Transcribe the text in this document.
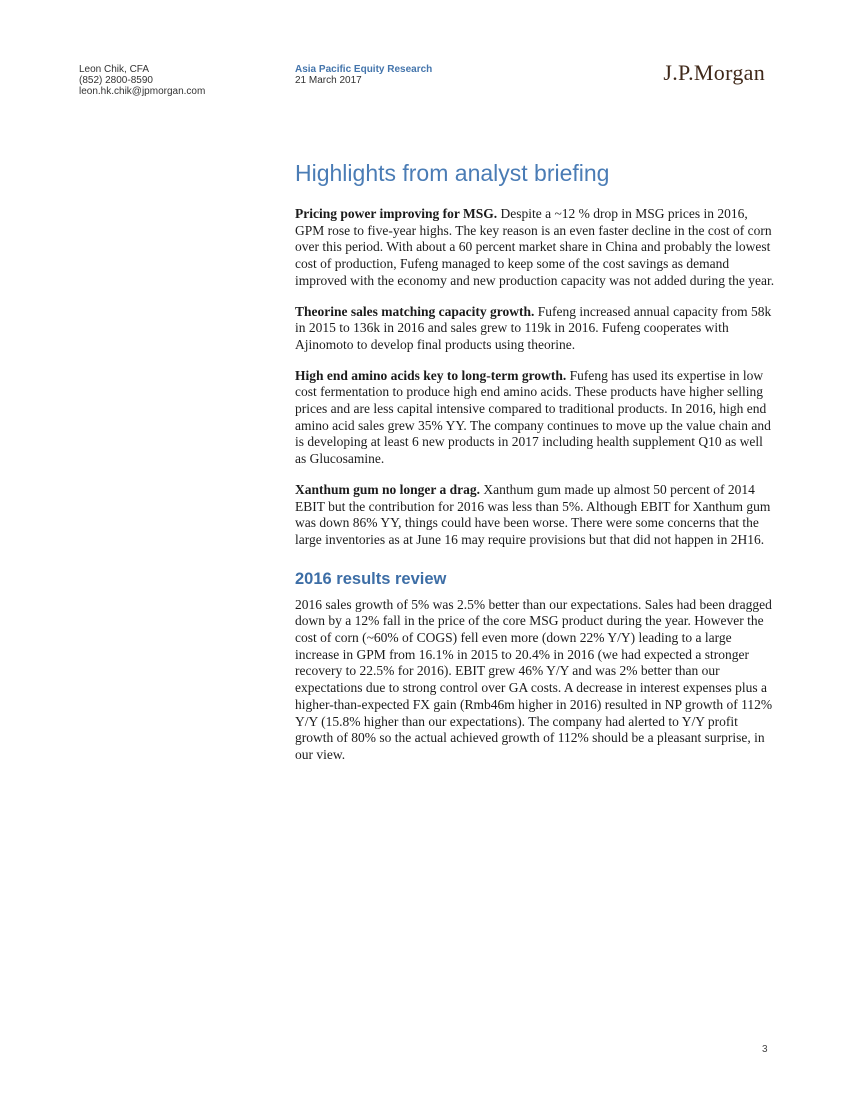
Leon Chik, CFA
(852) 2800-8590
leon.hk.chik@jpmorgan.com
Asia Pacific Equity Research
21 March 2017	J.P.Morgan
Highlights from analyst briefing

Pricing power improving for MSG. Despite a ~12 % drop in MSG prices in 2016, GPM rose to five-year highs. The key reason is an even faster decline in the cost of corn over this period. With about a 60 percent market share in China and probably the lowest cost of production, Fufeng managed to keep some of the cost savings as demand improved with the economy and new production capacity was not added during the year.

Theorine sales matching capacity growth. Fufeng increased annual capacity from 58k in 2015 to 136k in 2016 and sales grew to 119k in 2016. Fufeng cooperates with Ajinomoto to develop final products using theorine.

High end amino acids key to long-term growth. Fufeng has used its expertise in low cost fermentation to produce high end amino acids. These products have higher selling prices and are less capital intensive compared to traditional products. In 2016, high end amino acid sales grew 35% YY. The company continues to move up the value chain and is developing at least 6 new products in 2017 including health supplement Q10 as well as Glucosamine.

Xanthum gum no longer a drag. Xanthum gum made up almost 50 percent of 2014 EBIT but the contribution for 2016 was less than 5%. Although EBIT for Xanthum gum was down 86% YY, things could have been worse. There were some concerns that the large inventories as at June 16 may require provisions but that did not happen in 2H16.

2016 results review

2016 sales growth of 5% was 2.5% better than our expectations. Sales had been dragged down by a 12% fall in the price of the core MSG product during the year. However the cost of corn (~60% of COGS) fell even more (down 22% Y/Y) leading to a large increase in GPM from 16.1% in 2015 to 20.4% in 2016 (we had expected a stronger recovery to 22.5% for 2016). EBIT grew 46% Y/Y and was 2% better than our expectations due to strong control over GA costs. A decrease in interest expenses plus a higher-than-expected FX gain (Rmb46m higher in 2016) resulted in NP growth of 112% Y/Y (15.8% higher than our expectations). The company had alerted to Y/Y profit growth of 80% so the actual achieved growth of 112% should be a pleasant surprise, in our view.

3
